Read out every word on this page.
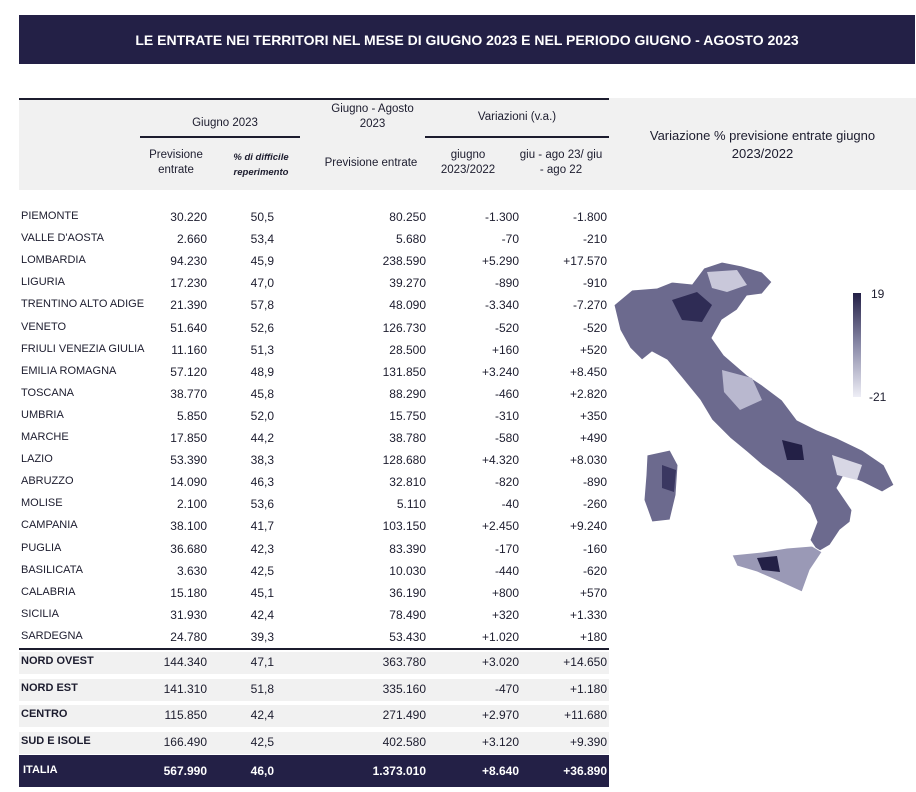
LE ENTRATE NEI TERRITORI NEL MESE DI GIUGNO 2023 E NEL PERIODO GIUGNO - AGOSTO 2023
Giugno 2023
Giugno - Agosto 2023
Variazioni (v.a.)
Previsione entrate
% di difficile reperimento
Previsione entrate
giugno 2023/2022
giu - ago 23/ giu - ago 22
Variazione % previsione entrate giugno 2023/2022
PIEMONTE	30.220	50,5	80.250	-1.300	-1.800
VALLE D'AOSTA	2.660	53,4	5.680	-70	-210
LOMBARDIA	94.230	45,9	238.590	+5.290	+17.570
LIGURIA	17.230	47,0	39.270	-890	-910
TRENTINO ALTO ADIGE 21.390	57,8	48.090	-3.340	-7.270
VENETO	51.640	52,6	126.730	-520	-520
FRIULI VENEZIA GIULIA 11.160	51,3	28.500	+160	+520
EMILIA ROMAGNA	57.120	48,9	131.850	+3.240	+8.450
TOSCANA	38.770	45,8	88.290	-460	+2.820
UMBRIA	5.850	52,0	15.750	-310	+350
MARCHE	17.850	44,2	38.780	-580	+490
LAZIO	53.390	38,3	128.680	+4.320	+8.030
ABRUZZO	14.090	46,3	32.810	-820	-890
MOLISE	2.100	53,6	5.110	-40	-260
CAMPANIA	38.100	41,7	103.150	+2.450	+9.240
PUGLIA	36.680	42,3	83.390	-170	-160
BASILICATA	3.630	42,5	10.030	-440	-620
CALABRIA	15.180	45,1	36.190	+800	+570
SICILIA	31.930	42,4	78.490	+320	+1.330
SARDEGNA	24.780	39,3	53.430	+1.020	+180
NORD OVEST	144.340	47,1	363.780	+3.020	+14.650
NORD EST	141.310	51,8	335.160	-470	+1.180
CENTRO	115.850	42,4	271.490	+2.970	+11.680
SUD E ISOLE	166.490	42,5	402.580	+3.120	+9.390
ITALIA	567.990	46,0	1.373.010	+8.640	+36.890
19
-21
